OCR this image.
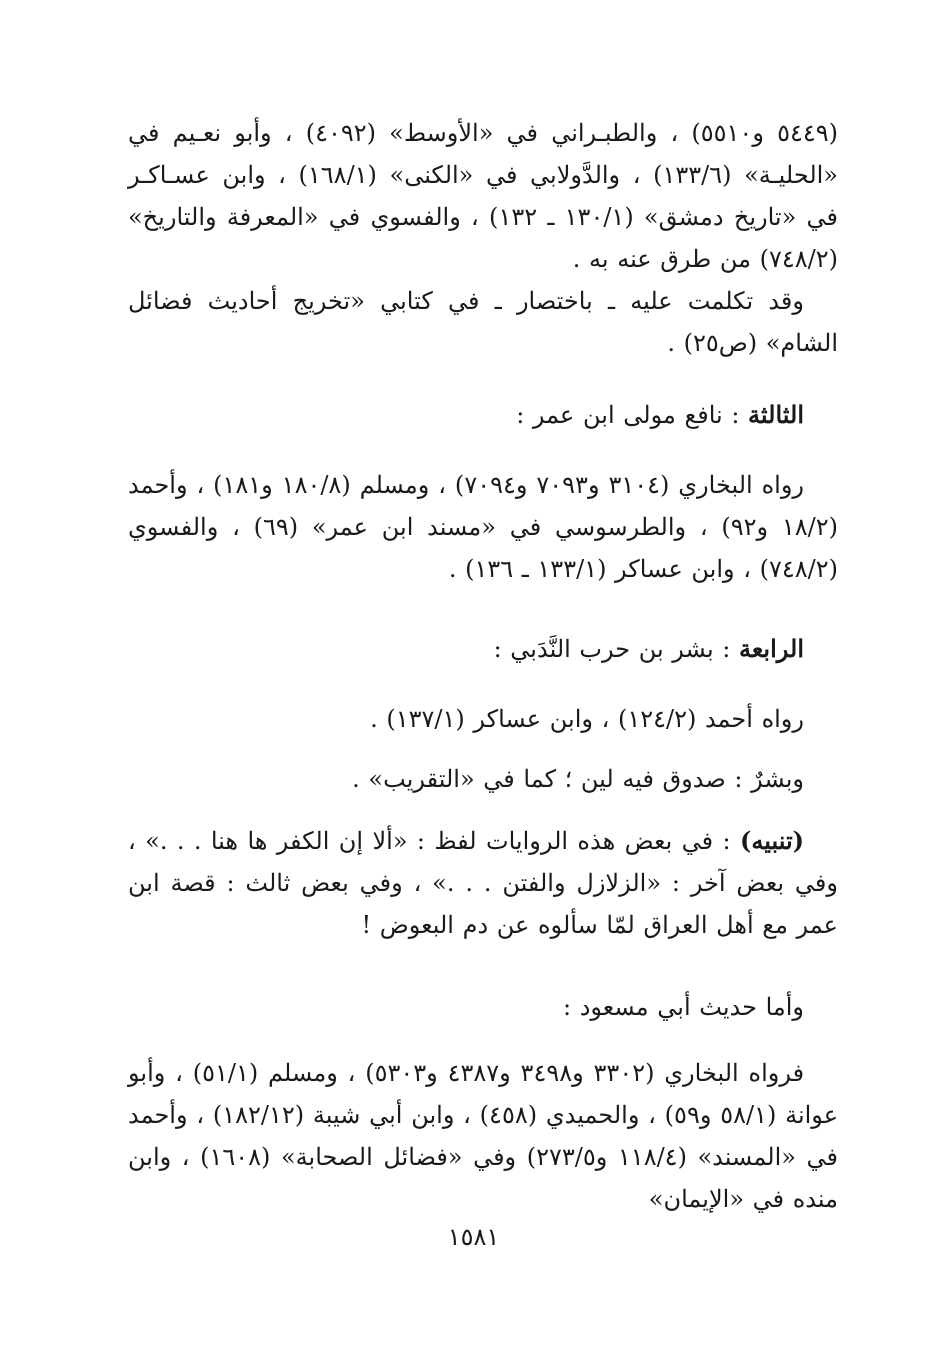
(٥٤٤٩ و٥٥١٠) ، والطبـراني في «الأوسط» (٤٠٩٢) ، وأبو نعـيم في «الحليـة» (١٣٣/٦) ، والدَّولابي في «الكنى» (١٦٨/١) ، وابن عسـاكـر في «تاريخ دمشق» (١٣٠/١ ـ ١٣٢) ، والفسوي في «المعرفة والتاريخ» (٧٤٨/٢) من طرق عنه به .

وقد تكلمت عليه ـ باختصار ـ في كتابي «تخريج أحاديث فضائل الشام» (ص٢٥) .

الثالثة : نافع مولى ابن عمر :

رواه البخاري (٣١٠٤ و٧٠٩٣ و٧٠٩٤) ، ومسلم (١٨٠/٨ و١٨١) ، وأحمد (١٨/٢ و٩٢) ، والطرسوسي في «مسند ابن عمر» (٦٩) ، والفسوي (٧٤٨/٢) ، وابن عساكر (١٣٣/١ ـ ١٣٦) .

الرابعة : بشر بن حرب النَّدَبي :

رواه أحمد (١٢٤/٢) ، وابن عساكر (١٣٧/١) .

وبشرٌ : صدوق فيه لين ؛ كما في «التقريب» .

(تنبيه) : في بعض هذه الروايات لفظ : «ألا إن الكفر ها هنا . . .» ، وفي بعض آخر : «الزلازل والفتن . . .» ، وفي بعض ثالث : قصة ابن عمر مع أهل العراق لمّا سألوه عن دم البعوض !

وأما حديث أبي مسعود :

فرواه البخاري (٣٣٠٢ و٣٤٩٨ و٤٣٨٧ و٥٣٠٣) ، ومسلم (٥١/١) ، وأبو عوانة (٥٨/١ و٥٩) ، والحميدي (٤٥٨) ، وابن أبي شيبة (١٨٢/١٢) ، وأحمد في «المسند» (١١٨/٤ و٢٧٣/٥) وفي «فضائل الصحابة» (١٦٠٨) ، وابن منده في «الإيمان»

١٥٨١
